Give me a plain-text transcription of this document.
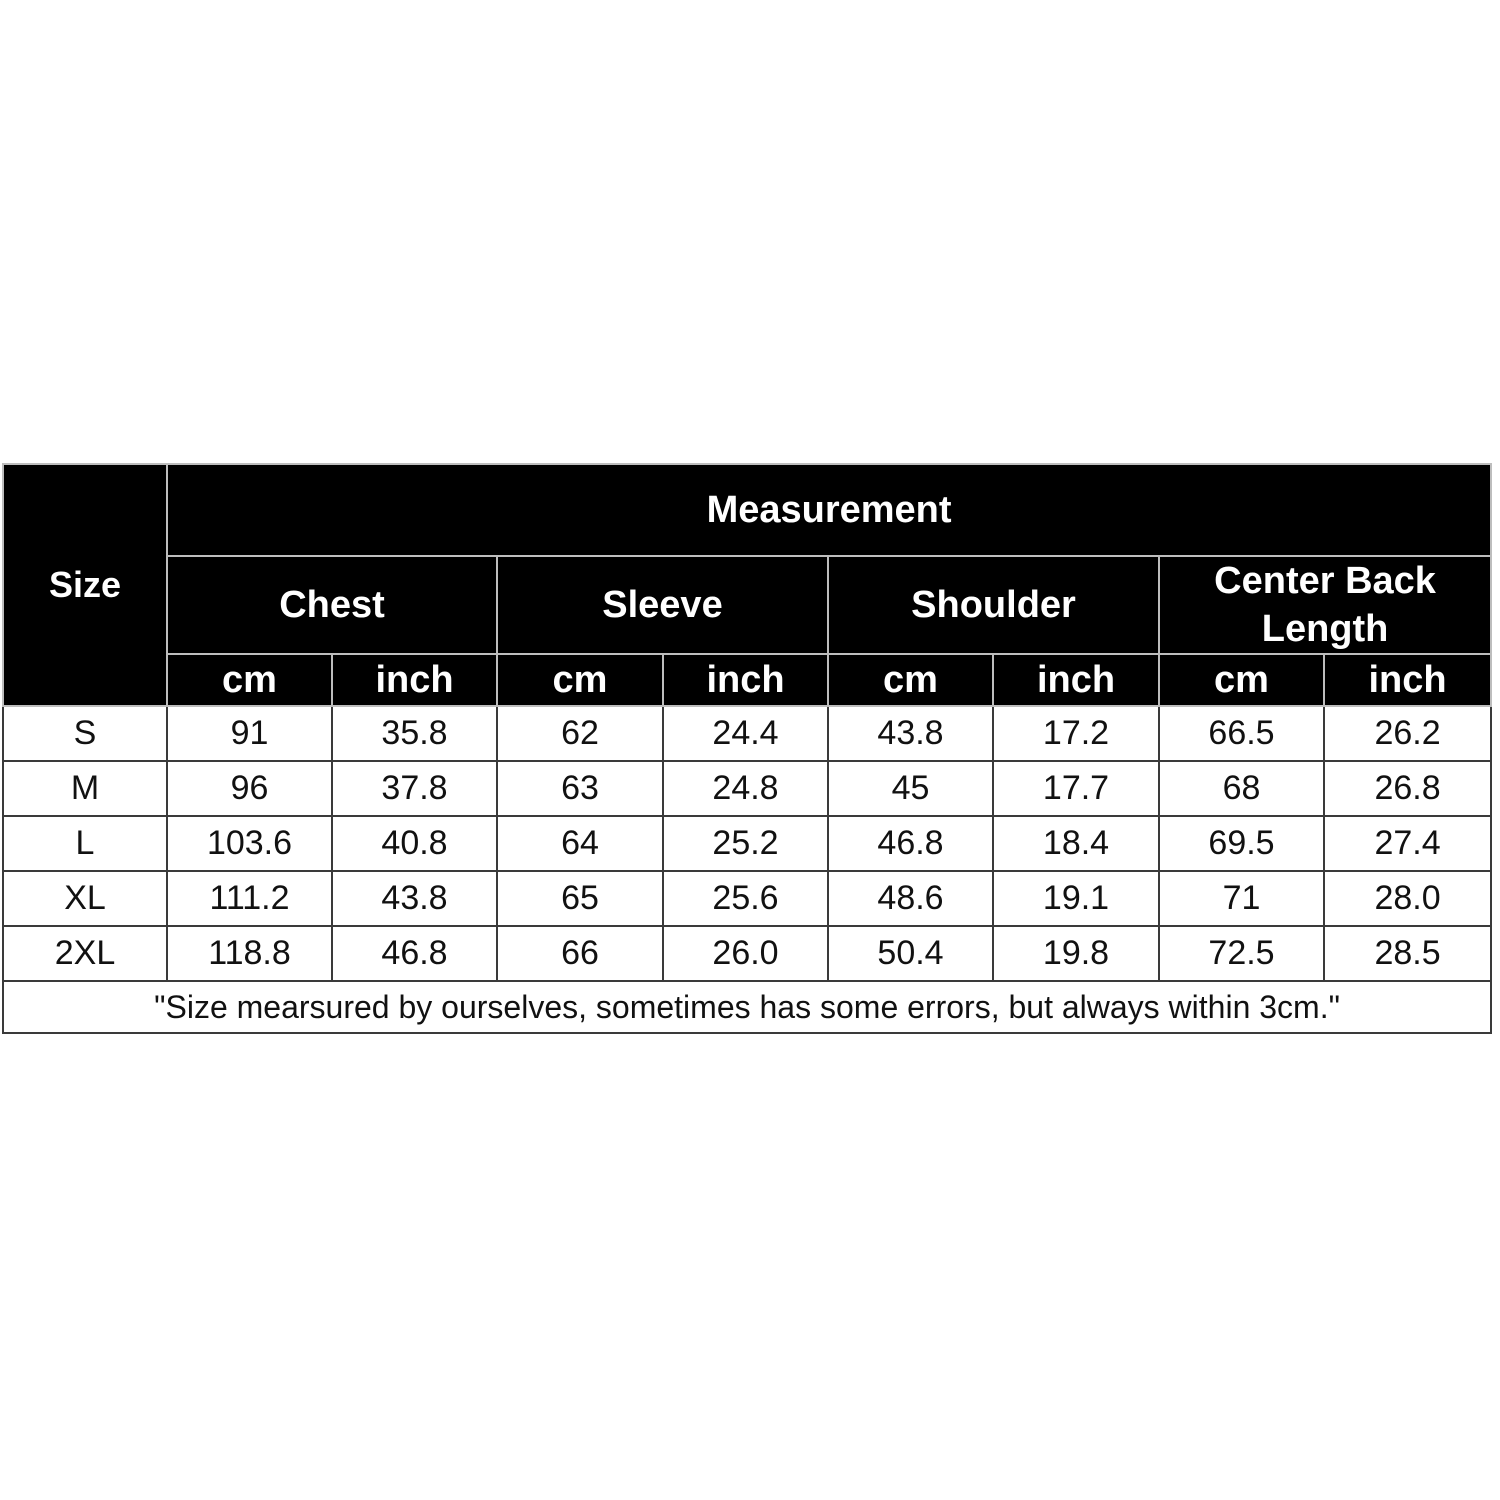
Size	Measurement							
	Chest		Sleeve		Shoulder		Center Back Length	
	cm	inch	cm	inch	cm	inch	cm	inch
S	91	35.8	62	24.4	43.8	17.2	66.5	26.2
M	96	37.8	63	24.8	45	17.7	68	26.8
L	103.6	40.8	64	25.2	46.8	18.4	69.5	27.4
XL	111.2	43.8	65	25.6	48.6	19.1	71	28.0
2XL	118.8	46.8	66	26.0	50.4	19.8	72.5	28.5
"Size mearsured by ourselves, sometimes has some errors, but always within 3cm."								
